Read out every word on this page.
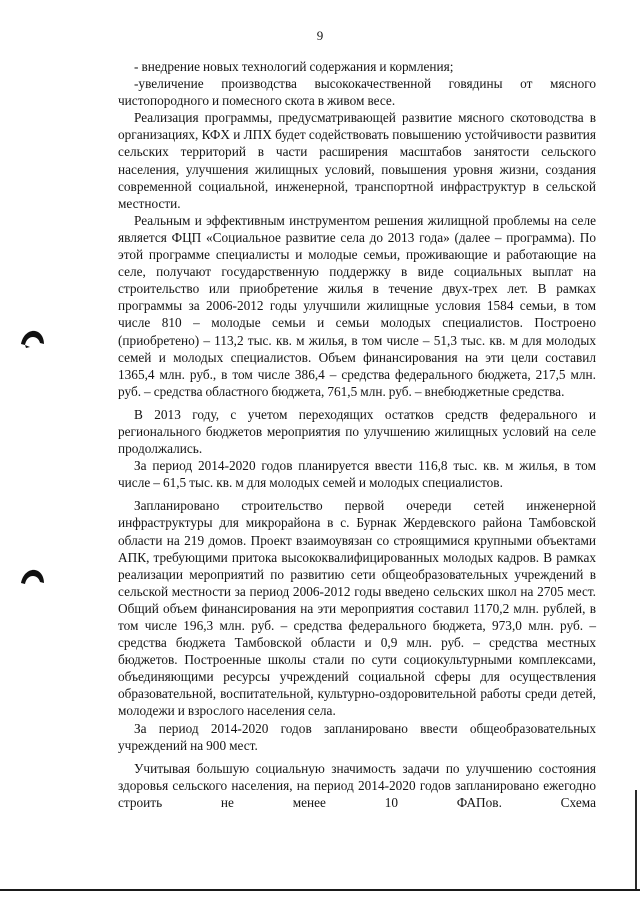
9

- внедрение новых технологий содержания и кормления;

-увеличение производства высококачественной говядины от мясного чистопородного и помесного скота в живом весе.

Реализация программы, предусматривающей развитие мясного скотоводства в организациях, КФХ и ЛПХ будет содействовать повышению устойчивости развития сельских территорий в части расширения масштабов занятости сельского населения, улучшения жилищных условий, повышения уровня жизни, создания современной социальной, инженерной, транспортной инфраструктур в сельской местности.

Реальным и эффективным инструментом решения жилищной проблемы на селе является ФЦП «Социальное развитие села до 2013 года» (далее – программа). По этой программе специалисты и молодые семьи, проживающие и работающие на селе, получают государственную поддержку в виде социальных выплат на строительство или приобретение жилья в течение двух-трех лет. В рамках программы за 2006-2012 годы улучшили жилищные условия 1584 семьи, в том числе 810 – молодые семьи и семьи молодых специалистов. Построено (приобретено) – 113,2 тыс. кв. м жилья, в том числе – 51,3 тыс. кв. м для молодых семей и молодых специалистов. Объем финансирования на эти цели составил 1365,4 млн. руб., в том числе 386,4 – средства федерального бюджета, 217,5 млн. руб. – средства областного бюджета, 761,5 млн. руб. – внебюджетные средства.

В 2013 году, с учетом переходящих остатков средств федерального и регионального бюджетов мероприятия по улучшению жилищных условий на селе продолжались.

За период 2014-2020 годов планируется ввести 116,8 тыс. кв. м жилья, в том числе – 61,5 тыс. кв. м для молодых семей и молодых специалистов.

Запланировано строительство первой очереди сетей инженерной инфраструктуры для микрорайона в с. Бурнак Жердевского района Тамбовской области на 219 домов. Проект взаимоувязан со строящимися крупными объектами АПК, требующими притока высококвалифицированных молодых кадров. В рамках реализации мероприятий по развитию сети общеобразовательных учреждений в сельской местности за период 2006-2012 годы введено сельских школ на 2705 мест. Общий объем финансирования на эти мероприятия составил 1170,2 млн. рублей, в том числе 196,3 млн. руб. – средства федерального бюджета, 973,0 млн. руб. – средства бюджета Тамбовской области и 0,9 млн. руб. – средства местных бюджетов. Построенные школы стали по сути социокультурными комплексами, объединяющими ресурсы учреждений социальной сферы для осуществления образовательной, воспитательной, культурно-оздоровительной работы среди детей, молодежи и взрослого населения села.

За период 2014-2020 годов запланировано ввести общеобразовательных учреждений на 900 мест.

Учитывая большую социальную значимость задачи по улучшению состояния здоровья сельского населения, на период 2014-2020 годов запланировано ежегодно строить не менее 10 ФАПов. Схема
